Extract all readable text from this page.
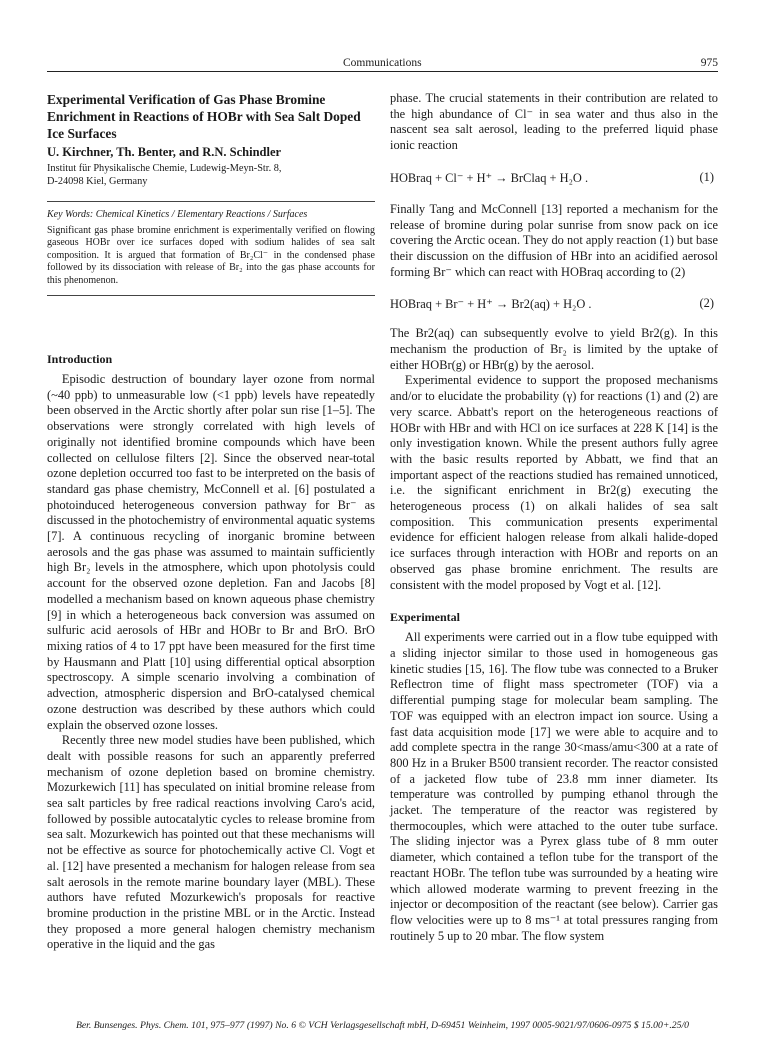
Communications	975
Experimental Verification of Gas Phase Bromine Enrichment in Reactions of HOBr with Sea Salt Doped Ice Surfaces
U. Kirchner, Th. Benter, and R.N. Schindler
Institut für Physikalische Chemie, Ludewig-Meyn-Str. 8,
D-24098 Kiel, Germany
Key Words: Chemical Kinetics / Elementary Reactions / Surfaces
Significant gas phase bromine enrichment is experimentally verified on flowing gaseous HOBr over ice surfaces doped with sodium halides of sea salt composition. It is argued that formation of Br₂Cl⁻ in the condensed phase followed by its dissociation with release of Br₂ into the gas phase accounts for this phenomenon.
Introduction

Episodic destruction of boundary layer ozone from normal (~40 ppb) to unmeasurable low (<1 ppb) levels have repeatedly been observed in the Arctic shortly after polar sun rise [1–5]. The observations were strongly correlated with high levels of originally not identified bromine compounds which have been collected on cellulose filters [2]. Since the observed near-total ozone depletion occurred too fast to be interpreted on the basis of standard gas phase chemistry, McConnell et al. [6] postulated a photoinduced heterogeneous conversion pathway for Br⁻ as discussed in the photochemistry of environmental aquatic systems [7]. A continuous recycling of inorganic bromine between aerosols and the gas phase was assumed to maintain sufficiently high Br₂ levels in the atmosphere, which upon photolysis could account for the observed ozone depletion. Fan and Jacobs [8] modelled a mechanism based on known aqueous phase chemistry [9] in which a heterogeneous back conversion was assumed on sulfuric acid aerosols of HBr and HOBr to Br and BrO. BrO mixing ratios of 4 to 17 ppt have been measured for the first time by Hausmann and Platt [10] using differential optical absorption spectroscopy. A simple scenario involving a combination of advection, atmospheric dispersion and BrO-catalysed chemical ozone destruction was described by these authors which could explain the observed ozone losses.

Recently three new model studies have been published, which dealt with possible reasons for such an apparently preferred mechanism of ozone depletion based on bromine chemistry. Mozurkewich [11] has speculated on initial bromine release from sea salt particles by free radical reactions involving Caro's acid, followed by possible autocatalytic cycles to release bromine from sea salt. Mozurkewich has pointed out that these mechanisms will not be effective as source for photochemically active Cl. Vogt et al. [12] have presented a mechanism for halogen release from sea salt aerosols in the remote marine boundary layer (MBL). These authors have refuted Mozurkewich's proposals for reactive bromine production in the pristine MBL or in the Arctic. Instead they proposed a more general halogen chemistry mechanism operative in the liquid and the gas

phase. The crucial statements in their contribution are related to the high abundance of Cl⁻ in sea water and thus also in the nascent sea salt aerosol, leading to the preferred liquid phase ionic reaction

HOBraq + Cl⁻ + H⁺ → BrClaq + H₂O .	(1)

Finally Tang and McConnell [13] reported a mechanism for the release of bromine during polar sunrise from snow pack on ice covering the Arctic ocean. They do not apply reaction (1) but base their discussion on the diffusion of HBr into an acidified aerosol forming Br⁻ which can react with HOBraq according to (2)

HOBraq + Br⁻ + H⁺ → Br2(aq) + H₂O .	(2)

The Br2(aq) can subsequently evolve to yield Br2(g). In this mechanism the production of Br₂ is limited by the uptake of either HOBr(g) or HBr(g) by the aerosol.

Experimental evidence to support the proposed mechanisms and/or to elucidate the probability (γ) for reactions (1) and (2) are very scarce. Abbatt's report on the heterogeneous reactions of HOBr with HBr and with HCl on ice surfaces at 228 K [14] is the only investigation known. While the present authors fully agree with the basic results reported by Abbatt, we find that an important aspect of the reactions studied has remained unnoticed, i.e. the significant enrichment in Br2(g) executing the heterogeneous process (1) on alkali halides of sea salt composition. This communication presents experimental evidence for efficient halogen release from alkali halide-doped ice surfaces through interaction with HOBr and reports on an observed gas phase bromine enrichment. The results are consistent with the model proposed by Vogt et al. [12].

Experimental

All experiments were carried out in a flow tube equipped with a sliding injector similar to those used in homogeneous gas kinetic studies [15, 16]. The flow tube was connected to a Bruker Reflectron time of flight mass spectrometer (TOF) via a differential pumping stage for molecular beam sampling. The TOF was equipped with an electron impact ion source. Using a fast data acquisition mode [17] we were able to acquire and to add complete spectra in the range 30<mass/amu<300 at a rate of 800 Hz in a Bruker B500 transient recorder. The reactor consisted of a jacketed flow tube of 23.8 mm inner diameter. Its temperature was controlled by pumping ethanol through the jacket. The temperature of the reactor was registered by thermocouples, which were attached to the outer tube surface. The sliding injector was a Pyrex glass tube of 8 mm outer diameter, which contained a teflon tube for the transport of the reactant HOBr. The teflon tube was surrounded by a heating wire which allowed moderate warming to prevent freezing in the injector or decomposition of the reactant (see below). Carrier gas flow velocities were up to 8 ms⁻¹ at total pressures ranging from routinely 5 up to 20 mbar. The flow system

Ber. Bunsenges. Phys. Chem. 101, 975–977 (1997) No. 6 © VCH Verlagsgesellschaft mbH, D-69451 Weinheim, 1997 0005-9021/97/0606-0975 $ 15.00+.25/0
